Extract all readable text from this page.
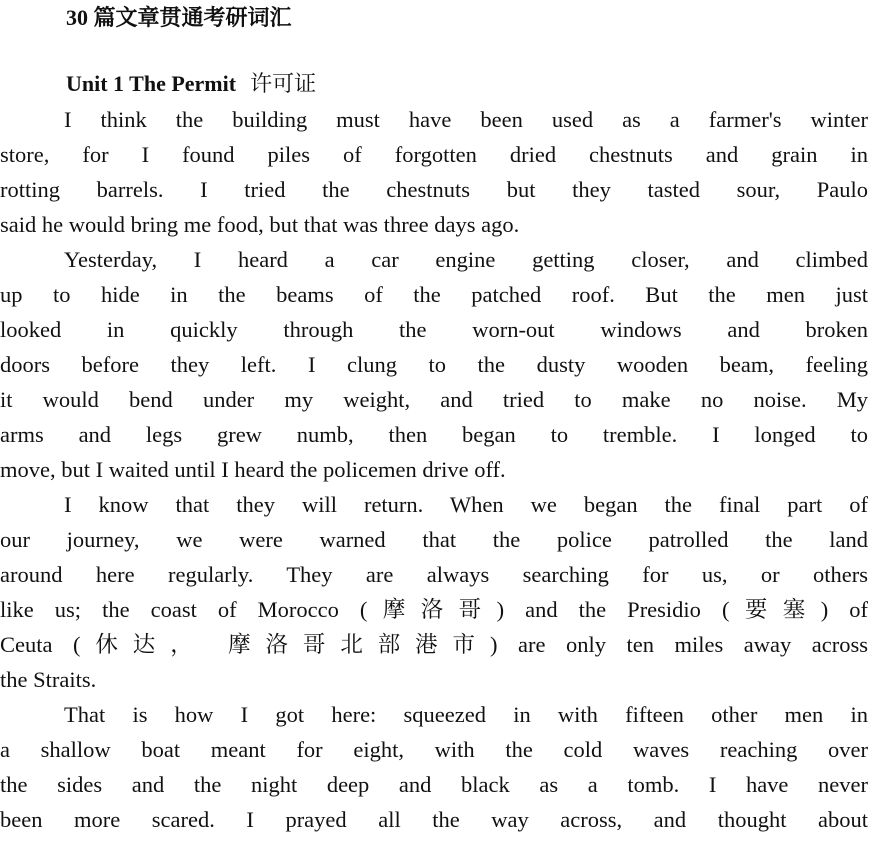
30 篇文章贯通考研词汇
Unit 1 The Permit 许可证
I think the building must have been used as a farmer's winter
store, for I found piles of forgotten dried chestnuts and grain in
rotting barrels. I tried the chestnuts but they tasted sour, Paulo
said he would bring me food, but that was three days ago.
Yesterday, I heard a car engine getting closer, and climbed
up to hide in the beams of the patched roof. But the men just
looked in quickly through the worn-out windows and broken
doors before they left. I clung to the dusty wooden beam, feeling
it would bend under my weight, and tried to make no noise. My
arms and legs grew numb, then began to tremble. I longed to
move, but I waited until I heard the policemen drive off.
I know that they will return. When we began the final part of
our journey, we were warned that the police patrolled the land
around here regularly. They are always searching for us, or others
like us; the coast of Morocco (摩洛哥) and the Presidio (要塞) of
Ceuta (休达， 摩洛哥北部港市) are only ten miles away across
the Straits.
That is how I got here: squeezed in with fifteen other men in
a shallow boat meant for eight, with the cold waves reaching over
the sides and the night deep and black as a tomb. I have never
been more scared. I prayed all the way across, and thought about
